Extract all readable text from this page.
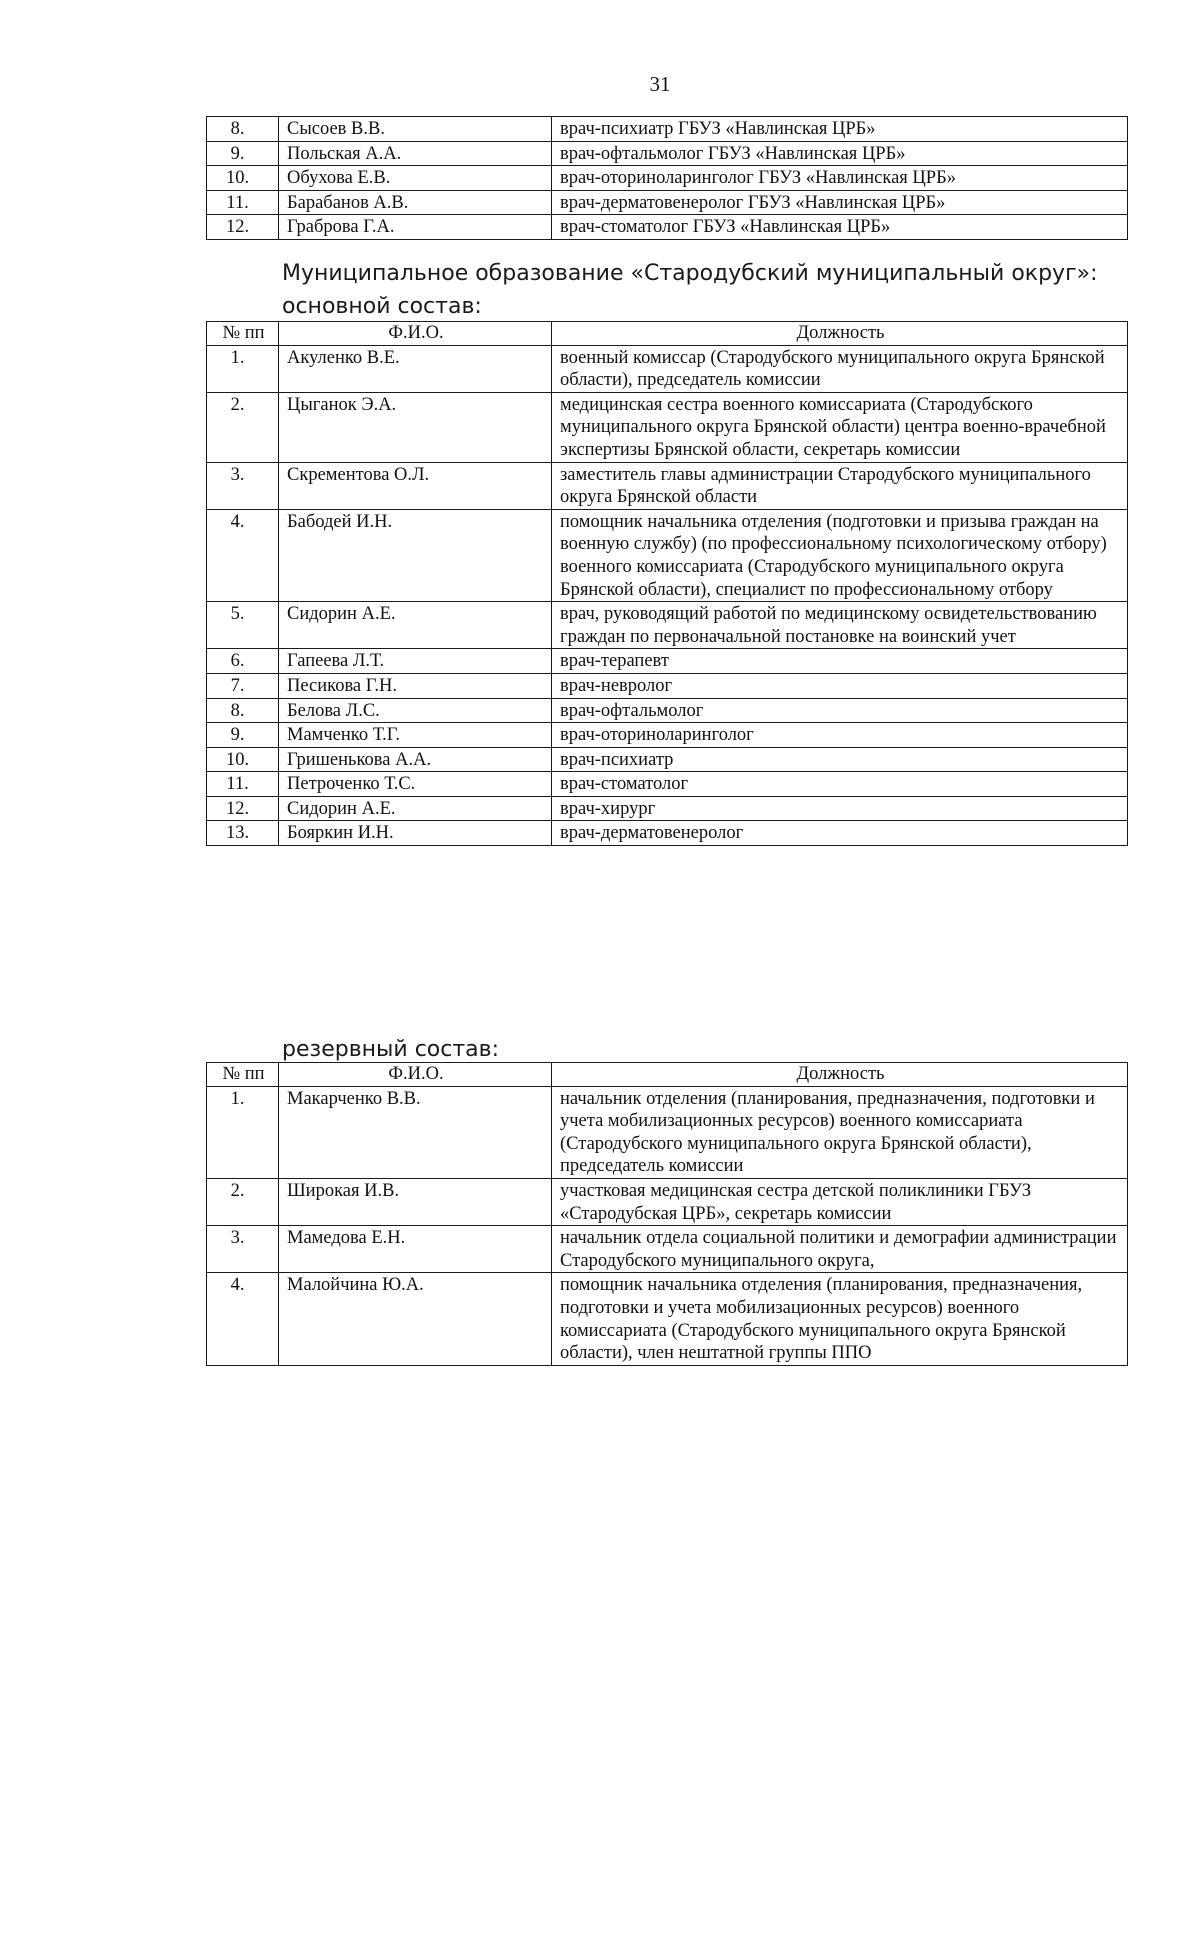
31
8.	Сысоев В.В.	врач-психиатр ГБУЗ «Навлинская ЦРБ»
9.	Польская А.А.	врач-офтальмолог ГБУЗ «Навлинская ЦРБ»
10.	Обухова Е.В.	врач-оториноларинголог ГБУЗ «Навлинская ЦРБ»
11.	Барабанов А.В.	врач-дерматовенеролог ГБУЗ «Навлинская ЦРБ»
12.	Граброва Г.А.	врач-стоматолог ГБУЗ «Навлинская ЦРБ»
Муниципальное образование «Стародубский муниципальный округ»:
основной состав:
№ пп	Ф.И.О.	Должность
1.	Акуленко В.Е.	военный комиссар (Стародубского муниципального округа Брянской области), председатель комиссии
2.	Цыганок Э.А.	медицинская сестра военного комиссариата (Стародубского муниципального округа Брянской области) центра военно-врачебной экспертизы Брянской области, секретарь комиссии
3.	Скрементова О.Л.	заместитель главы администрации Стародубского муниципального округа Брянской области
4.	Бабодей И.Н.	помощник начальника отделения (подготовки и призыва граждан на военную службу) (по профессиональному психологическому отбору) военного комиссариата (Стародубского муниципального округа Брянской области), специалист по профессиональному отбору
5.	Сидорин А.Е.	врач, руководящий работой по медицинскому освидетельствованию граждан по первоначальной постановке на воинский учет
6.	Гапеева Л.Т.	врач-терапевт
7.	Песикова Г.Н.	врач-невролог
8.	Белова Л.С.	врач-офтальмолог
9.	Мамченко Т.Г.	врач-оториноларинголог
10.	Гришенькова А.А.	врач-психиатр
11.	Петроченко Т.С.	врач-стоматолог
12.	Сидорин А.Е.	врач-хирург
13.	Бояркин И.Н.	врач-дерматовенеролог
резервный состав:
№ пп	Ф.И.О.	Должность
1.	Макарченко В.В.	начальник отделения (планирования, предназначения, подготовки и учета мобилизационных ресурсов) военного комиссариата (Стародубского муниципального округа Брянской области), председатель комиссии
2.	Широкая И.В.	участковая медицинская сестра детской поликлиники ГБУЗ «Стародубская ЦРБ», секретарь комиссии
3.	Мамедова Е.Н.	начальник отдела социальной политики и демографии администрации Стародубского муниципального округа,
4.	Малойчина Ю.А.	помощник начальника отделения (планирования, предназначения, подготовки и учета мобилизационных ресурсов) военного комиссариата (Стародубского муниципального округа Брянской области), член нештатной группы ППО
